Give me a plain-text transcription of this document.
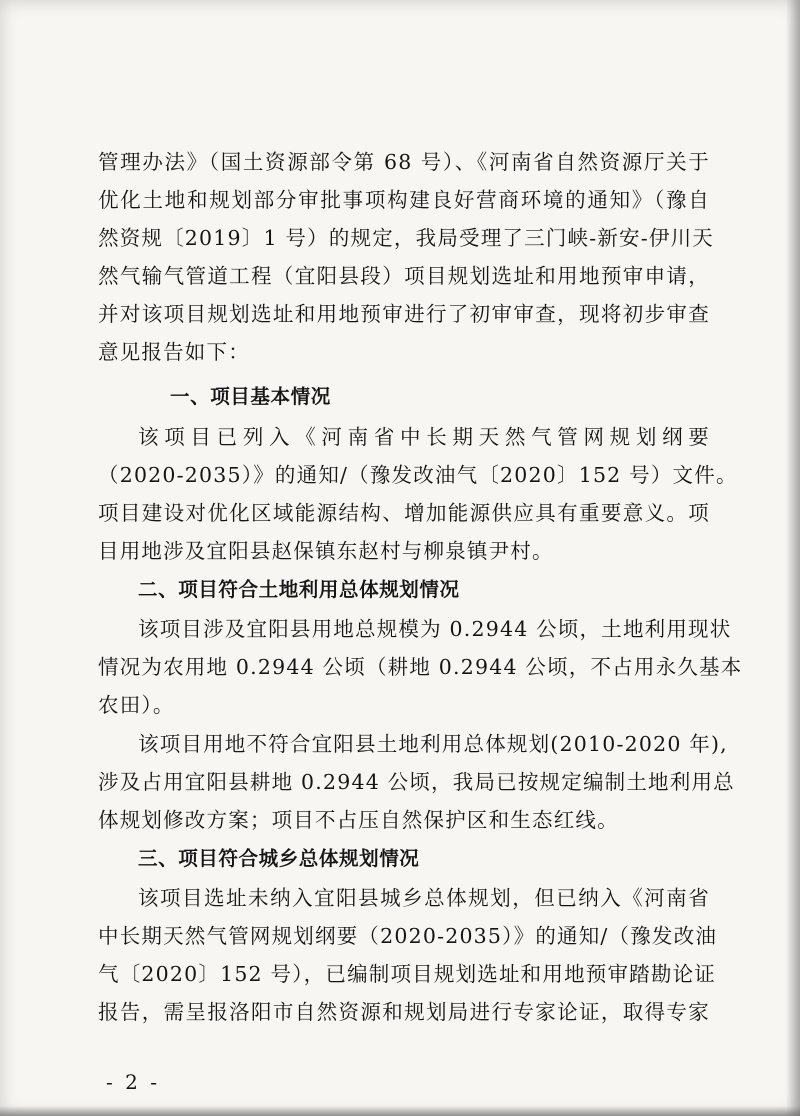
管理办法》（国土资源部令第 68 号）、《河南省自然资源厅关于
优化土地和规划部分审批事项构建良好营商环境的通知》（豫自
然资规〔2019〕1 号）的规定，我局受理了三门峡-新安-伊川天
然气输气管道工程（宜阳县段）项目规划选址和用地预审申请，
并对该项目规划选址和用地预审进行了初审审查，现将初步审查
意见报告如下：
一、项目基本情况
该项目已列入《河南省中长期天然气管网规划纲要
（2020-2035）》的通知/（豫发改油气〔2020〕152 号）文件。
项目建设对优化区域能源结构、增加能源供应具有重要意义。项
目用地涉及宜阳县赵保镇东赵村与柳泉镇尹村。
二、项目符合土地利用总体规划情况
该项目涉及宜阳县用地总规模为 0.2944 公顷，土地利用现状
情况为农用地 0.2944 公顷（耕地 0.2944 公顷，不占用永久基本
农田）。
该项目用地不符合宜阳县土地利用总体规划(2010-2020 年),
涉及占用宜阳县耕地 0.2944 公顷，我局已按规定编制土地利用总
体规划修改方案；项目不占压自然保护区和生态红线。
三、项目符合城乡总体规划情况
该项目选址未纳入宜阳县城乡总体规划，但已纳入《河南省
中长期天然气管网规划纲要（2020-2035）》的通知/（豫发改油
气〔2020〕152 号），已编制项目规划选址和用地预审踏勘论证
报告，需呈报洛阳市自然资源和规划局进行专家论证，取得专家
- 2 -
